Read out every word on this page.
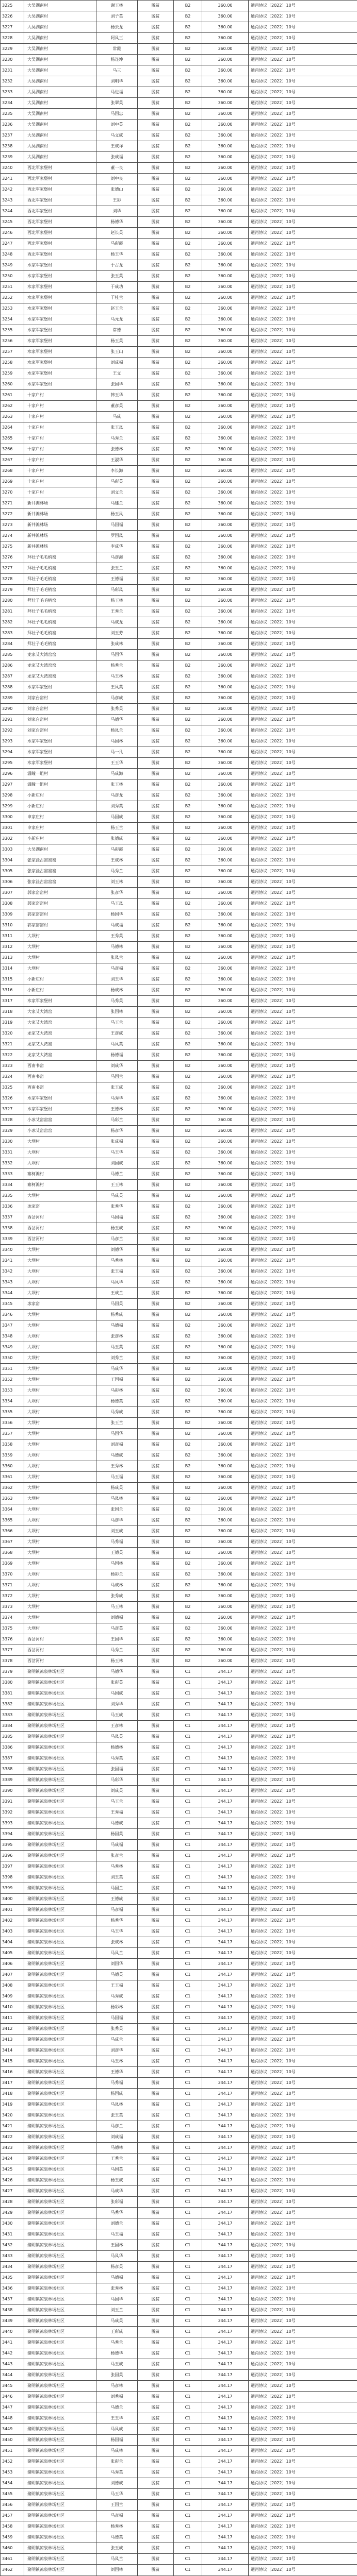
3225	大吴湖南村	谢玉林	脱贫	B2	360.00	通肖协议〔2022〕10号
3226	大吴湖南村	刘子英	脱贫	B2	360.00	通肖协议〔2022〕10号
3227	大吴湖南村	杨云龙	脱贫	B2	360.00	通肖协议〔2022〕10号
3228	大吴湖南村	阿凤三	脱贫	B2	360.00	通肖协议〔2022〕10号
3229	大吴湖南村	常霞	脱贫	B2	360.00	通肖协议〔2022〕10号
3230	大吴湖南村	杨连坤	脱贫	B2	360.00	通肖协议〔2022〕10号
3231	大吴湖南村	马三	脱贫	B2	360.00	通肖协议〔2022〕10号
3232	大吴湖南村	刘明华	脱贫	B2	360.00	通肖协议〔2022〕10号
3233	大吴湖南村	马进福	脱贫	B2	360.00	通肖协议〔2022〕10号
3234	大吴湖南村	张翠英	脱贫	B2	360.00	通肖协议〔2022〕10号
3235	大吴湖南村	马国忠	脱贫	B2	360.00	通肖协议〔2022〕10号
3236	大吴湖南村	刘中英	脱贫	B2	360.00	通肖协议〔2022〕10号
3237	大吴湖南村	马文成	脱贫	B2	360.00	通肖协议〔2022〕10号
3238	大吴湖南村	王成祥	脱贫	B2	360.00	通肖协议〔2022〕10号
3239	大吴湖南村	张成福	脱贫	B2	360.00	通肖协议〔2022〕10号
3240	西北军家堡村	董一良	脱贫	B2	360.00	通肖协议〔2022〕10号
3241	西北军家堡村	刘中良	脱贫	B2	360.00	通肖协议〔2022〕10号
3242	西北军家堡村	张德山	脱贫	B2	360.00	通肖协议〔2022〕10号
3243	西北军家堡村	王彩	脱贫	B2	360.00	通肖协议〔2022〕10号
3244	西北军家堡村	刘华	脱贫	B2	360.00	通肖协议〔2022〕10号
3245	西北军家堡村	杨德华	脱贫	B2	360.00	通肖协议〔2022〕10号
3246	西北军家堡村	赵长英	脱贫	B2	360.00	通肖协议〔2022〕10号
3247	西北军家堡村	马彩霞	脱贫	B2	360.00	通肖协议〔2022〕10号
3248	西北军家堡村	杨玉华	脱贫	B2	360.00	通肖协议〔2022〕10号
3249	水家军家堡村	于占龙	脱贫	B2	360.00	通肖协议〔2022〕10号
3250	水家军家堡村	张玉英	脱贫	B2	360.00	通肖协议〔2022〕10号
3251	水家军家堡村	于成功	脱贫	B2	360.00	通肖协议〔2022〕10号
3252	水家军家堡村	于桂兰	脱贫	B2	360.00	通肖协议〔2022〕10号
3253	水家军家堡村	赵玉兰	脱贫	B2	360.00	通肖协议〔2022〕10号
3254	水家军家堡村	马元龙	脱贫	B2	360.00	通肖协议〔2022〕10号
3255	水家军家堡村	常德	脱贫	B2	360.00	通肖协议〔2022〕10号
3256	水家军家堡村	杨玉英	脱贫	B2	360.00	通肖协议〔2022〕10号
3257	水家军家堡村	张玉山	脱贫	B2	360.00	通肖协议〔2022〕10号
3258	水家军家堡村	刘成福	脱贫	B2	360.00	通肖协议〔2022〕10号
3259	水家军家堡村	王文	脱贫	B2	360.00	通肖协议〔2022〕10号
3260	水家军家堡村	张国华	脱贫	B2	360.00	通肖协议〔2022〕10号
3261	十家户村	韩玉华	脱贫	B2	360.00	通肖协议〔2022〕10号
3262	十家户村	董彦英	脱贫	B2	360.00	通肖协议〔2022〕10号
3263	十家户村	马成	脱贫	B2	360.00	通肖协议〔2022〕10号
3264	十家户村	张玉凤	脱贫	B2	360.00	通肖协议〔2022〕10号
3265	十家户村	马秀兰	脱贫	B2	360.00	通肖协议〔2022〕10号
3266	十家户村	张德林	脱贫	B2	360.00	通肖协议〔2022〕10号
3267	十家户村	王淑华	脱贫	B2	360.00	通肖协议〔2022〕10号
3268	十家户村	李长海	脱贫	B2	360.00	通肖协议〔2022〕10号
3269	十家户村	马彩英	脱贫	B2	360.00	通肖协议〔2022〕10号
3270	十家户村	刘文兰	脱贫	B2	360.00	通肖协议〔2022〕10号
3271	新井滩林场	马建兰	脱贫	B2	360.00	通肖协议〔2022〕10号
3272	新井滩林场	杨玉凤	脱贫	B2	360.00	通肖协议〔2022〕10号
3273	新井滩林场	马国福	脱贫	B2	360.00	通肖协议〔2022〕10号
3274	新井滩林场	罗国凤	脱贫	B2	360.00	通肖协议〔2022〕10号
3275	新井滩林场	李成华	脱贫	B2	360.00	通肖协议〔2022〕10号
3276	拜壮子毛毛梢窑	马彦海	脱贫	B2	360.00	通肖协议〔2022〕10号
3277	拜壮子毛毛梢窑	张玉兰	脱贫	B2	360.00	通肖协议〔2022〕10号
3278	拜壮子毛毛梢窑	王德福	脱贫	B2	360.00	通肖协议〔2022〕10号
3279	拜壮子毛毛梢窑	马彩凤	脱贫	B2	360.00	通肖协议〔2022〕10号
3280	拜壮子毛毛梢窑	杨玉林	脱贫	B2	360.00	通肖协议〔2022〕10号
3281	拜壮子毛毛梢窑	王秀兰	脱贫	B2	360.00	通肖协议〔2022〕10号
3282	拜壮子毛毛梢窑	马成龙	脱贫	B2	360.00	通肖协议〔2022〕10号
3283	拜壮子毛毛梢窑	刘玉芳	脱贫	B2	360.00	通肖协议〔2022〕10号
3284	拜壮子毛毛梢窑	张成林	脱贫	B2	360.00	通肖协议〔2022〕10号
3285	龙家艾大湾窑窑	马国华	脱贫	B2	360.00	通肖协议〔2022〕10号
3286	龙家艾大湾窑窑	杨秀兰	脱贫	B2	360.00	通肖协议〔2022〕10号
3287	龙家艾大湾窑窑	马玉林	脱贫	B2	360.00	通肖协议〔2022〕10号
3288	水家军家堡村	王凤英	脱贫	B2	360.00	通肖协议〔2022〕10号
3289	刘家台窑村	马彦成	脱贫	B2	360.00	通肖协议〔2022〕10号
3290	刘家台窑村	张秀英	脱贫	B2	360.00	通肖协议〔2022〕10号
3291	刘家台窑村	马德华	脱贫	B2	360.00	通肖协议〔2022〕10号
3292	刘家台窑村	杨凤兰	脱贫	B2	360.00	通肖协议〔2022〕10号
3293	水家军家堡村	马国林	脱贫	B2	360.00	通肖协议〔2022〕10号
3294	水家军家堡村	马一凡	脱贫	B2	360.00	通肖协议〔2022〕10号
3295	水家军家堡村	王玉华	脱贫	B2	360.00	通肖协议〔2022〕10号
3296	温疃一组村	马成海	脱贫	B2	360.00	通肖协议〔2022〕10号
3297	温疃一组村	张玉林	脱贫	B2	360.00	通肖协议〔2022〕10号
3298	小新庄村	马彦龙	脱贫	B2	360.00	通肖协议〔2022〕10号
3299	小新庄村	刘秀英	脱贫	B2	360.00	通肖协议〔2022〕10号
3300	申家庄村	马国成	脱贫	B2	360.00	通肖协议〔2022〕10号
3301	申家庄村	杨玉兰	脱贫	B2	360.00	通肖协议〔2022〕10号
3302	小新庄村	张德成	脱贫	B2	360.00	通肖协议〔2022〕10号
3303	大吴湖南村	马彩霞	脱贫	B2	360.00	通肖协议〔2022〕10号
3304	张家洼古窑窑窑	王成林	脱贫	B2	360.00	通肖协议〔2022〕10号
3305	张家洼古窑窑窑	马秀兰	脱贫	B2	360.00	通肖协议〔2022〕10号
3306	张家洼古窑窑窑	刘玉林	脱贫	B2	360.00	通肖协议〔2022〕10号
3307	郭家窑窑村	张彦华	脱贫	B2	360.00	通肖协议〔2022〕10号
3308	郭家窑窑村	马玉凤	脱贫	B2	360.00	通肖协议〔2022〕10号
3309	郭家窑窑村	杨国华	脱贫	B2	360.00	通肖协议〔2022〕10号
3310	郭家窑窑村	马成福	脱贫	B2	360.00	通肖协议〔2022〕10号
3311	大坝村	王秀英	脱贫	B2	360.00	通肖协议〔2022〕10号
3312	大坝村	马德林	脱贫	B2	360.00	通肖协议〔2022〕10号
3313	大坝村	张凤兰	脱贫	B2	360.00	通肖协议〔2022〕10号
3314	大坝村	马彦福	脱贫	B2	360.00	通肖协议〔2022〕10号
3315	小新庄村	刘玉华	脱贫	B2	360.00	通肖协议〔2022〕10号
3316	小新庄村	杨成林	脱贫	B2	360.00	通肖协议〔2022〕10号
3317	水家军家堡村	马秀英	脱贫	B2	360.00	通肖协议〔2022〕10号
3318	大家艾大湾窑	张国林	脱贫	B2	360.00	通肖协议〔2022〕10号
3319	大家艾大湾窑	马玉兰	脱贫	B2	360.00	通肖协议〔2022〕10号
3320	龙家艾大湾窑	王彦成	脱贫	B2	360.00	通肖协议〔2022〕10号
3321	龙家艾大湾窑	马凤英	脱贫	B2	360.00	通肖协议〔2022〕10号
3322	龙家艾大湾窑	杨德福	脱贫	B2	360.00	通肖协议〔2022〕10号
3323	西南书窑	刘成华	脱贫	B2	360.00	通肖协议〔2022〕10号
3324	西南书窑	马国兰	脱贫	B2	360.00	通肖协议〔2022〕10号
3325	西南书窑	张玉成	脱贫	B2	360.00	通肖协议〔2022〕10号
3326	水家军家堡村	马秀华	脱贫	B2	360.00	通肖协议〔2022〕10号
3327	水家军家堡村	王德林	脱贫	B2	360.00	通肖协议〔2022〕10号
3328	小冰艾窑窑窑	马彩兰	脱贫	B2	360.00	通肖协议〔2022〕10号
3329	小冰艾窑窑窑	杨彦华	脱贫	B2	360.00	通肖协议〔2022〕10号
3330	大坝村	张成福	脱贫	B2	360.00	通肖协议〔2022〕10号
3331	大坝村	马玉华	脱贫	B2	360.00	通肖协议〔2022〕10号
3332	大坝村	刘国成	脱贫	B2	360.00	通肖协议〔2022〕10号
3333	寨柯滩村	马德兰	脱贫	B2	360.00	通肖协议〔2022〕10号
3334	寨柯滩村	王玉林	脱贫	B2	360.00	通肖协议〔2022〕10号
3335	大坝村	马成英	脱贫	B2	360.00	通肖协议〔2022〕10号
3336	冰家窑	张秀华	脱贫	B2	360.00	通肖协议〔2022〕10号
3337	西岔河村	马国福	脱贫	B2	360.00	通肖协议〔2022〕10号
3338	西岔河村	杨玉成	脱贫	B2	360.00	通肖协议〔2022〕10号
3339	西岔河村	马彦兰	脱贫	B2	360.00	通肖协议〔2022〕10号
3340	大坝村	刘德华	脱贫	B2	360.00	通肖协议〔2022〕10号
3341	大坝村	马秀林	脱贫	B2	360.00	通肖协议〔2022〕10号
3342	大坝村	张玉福	脱贫	B2	360.00	通肖协议〔2022〕10号
3343	大坝村	马凤华	脱贫	B2	360.00	通肖协议〔2022〕10号
3344	大坝村	王成兰	脱贫	B2	360.00	通肖协议〔2022〕10号
3345	冰家窑	马国英	脱贫	B2	360.00	通肖协议〔2022〕10号
3346	大坝村	杨秀成	脱贫	B2	360.00	通肖协议〔2022〕10号
3347	大坝村	马德福	脱贫	B2	360.00	通肖协议〔2022〕10号
3348	大坝村	张彦林	脱贫	B2	360.00	通肖协议〔2022〕10号
3349	大坝村	马玉英	脱贫	B2	360.00	通肖协议〔2022〕10号
3350	大坝村	刘秀兰	脱贫	B2	360.00	通肖协议〔2022〕10号
3351	大坝村	马成华	脱贫	B2	360.00	通肖协议〔2022〕10号
3352	大坝村	王国福	脱贫	B2	360.00	通肖协议〔2022〕10号
3353	大坝村	马彩林	脱贫	B2	360.00	通肖协议〔2022〕10号
3354	大坝村	杨德英	脱贫	B2	360.00	通肖协议〔2022〕10号
3355	大坝村	马秀成	脱贫	B2	360.00	通肖协议〔2022〕10号
3356	大坝村	张玉兰	脱贫	B2	360.00	通肖协议〔2022〕10号
3357	大坝村	马国华	脱贫	B2	360.00	通肖协议〔2022〕10号
3358	大坝村	刘彦福	脱贫	B2	360.00	通肖协议〔2022〕10号
3359	大坝村	马德成	脱贫	B2	360.00	通肖协议〔2022〕10号
3360	大坝村	王秀林	脱贫	B2	360.00	通肖协议〔2022〕10号
3361	大坝村	马玉福	脱贫	B2	360.00	通肖协议〔2022〕10号
3362	大坝村	杨成英	脱贫	B2	360.00	通肖协议〔2022〕10号
3363	大坝村	马凤林	脱贫	B2	360.00	通肖协议〔2022〕10号
3364	大坝村	张国兰	脱贫	B2	360.00	通肖协议〔2022〕10号
3365	大坝村	马彦华	脱贫	B2	360.00	通肖协议〔2022〕10号
3366	大坝村	刘玉成	脱贫	B2	360.00	通肖协议〔2022〕10号
3367	大坝村	马秀福	脱贫	B2	360.00	通肖协议〔2022〕10号
3368	大坝村	王德英	脱贫	B2	360.00	通肖协议〔2022〕10号
3369	大坝村	马国林	脱贫	B2	360.00	通肖协议〔2022〕10号
3370	大坝村	杨彩兰	脱贫	B2	360.00	通肖协议〔2022〕10号
3371	大坝村	马成林	脱贫	B2	360.00	通肖协议〔2022〕10号
3372	大坝村	张秀成	脱贫	B2	360.00	通肖协议〔2022〕10号
3373	大坝村	马玉林	脱贫	B2	360.00	通肖协议〔2022〕10号
3374	大坝村	刘德福	脱贫	B2	360.00	通肖协议〔2022〕10号
3375	大坝村	马彦英	脱贫	B2	360.00	通肖协议〔2022〕10号
3376	西岔河村	王国华	脱贫	B2	360.00	通肖协议〔2022〕10号
3377	西岔河村	马秀兰	脱贫	B2	360.00	通肖协议〔2022〕10号
3378	西岔河村	杨玉林	脱贫	B2	360.00	通肖协议〔2022〕10号
3379	聚明镇凉泉林场社区	马德华	脱贫	C1	344.17	通肖协议〔2022〕10号
3380	聚明镇凉泉林场社区	张彩英	脱贫	C1	344.17	通肖协议〔2022〕10号
3381	聚明镇凉泉林场社区	马国成	脱贫	C1	344.17	通肖协议〔2022〕10号
3382	聚明镇凉泉林场社区	刘秀华	脱贫	C1	344.17	通肖协议〔2022〕10号
3383	聚明镇凉泉林场社区	马玉成	脱贫	C1	344.17	通肖协议〔2022〕10号
3384	聚明镇凉泉林场社区	王彦林	脱贫	C1	344.17	通肖协议〔2022〕10号
3385	聚明镇凉泉林场社区	马凤英	脱贫	C1	344.17	通肖协议〔2022〕10号
3386	聚明镇凉泉林场社区	杨德林	脱贫	C1	344.17	通肖协议〔2022〕10号
3387	聚明镇凉泉林场社区	马秀英	脱贫	C1	344.17	通肖协议〔2022〕10号
3388	聚明镇凉泉林场社区	张国福	脱贫	C1	344.17	通肖协议〔2022〕10号
3389	聚明镇凉泉林场社区	马彩华	脱贫	C1	344.17	通肖协议〔2022〕10号
3390	聚明镇凉泉林场社区	刘成英	脱贫	C1	344.17	通肖协议〔2022〕10号
3391	聚明镇凉泉林场社区	马玉兰	脱贫	C1	344.17	通肖协议〔2022〕10号
3392	聚明镇凉泉林场社区	王秀福	脱贫	C1	344.17	通肖协议〔2022〕10号
3393	聚明镇凉泉林场社区	马德成	脱贫	C1	344.17	通肖协议〔2022〕10号
3394	聚明镇凉泉林场社区	杨国英	脱贫	C1	344.17	通肖协议〔2022〕10号
3395	聚明镇凉泉林场社区	马成福	脱贫	C1	344.17	通肖协议〔2022〕10号
3396	聚明镇凉泉林场社区	张彦兰	脱贫	C1	344.17	通肖协议〔2022〕10号
3397	聚明镇凉泉林场社区	马秀林	脱贫	C1	344.17	通肖协议〔2022〕10号
3398	聚明镇凉泉林场社区	刘玉英	脱贫	C1	344.17	通肖协议〔2022〕10号
3399	聚明镇凉泉林场社区	马国兰	脱贫	C1	344.17	通肖协议〔2022〕10号
3400	聚明镇凉泉林场社区	王德成	脱贫	C1	344.17	通肖协议〔2022〕10号
3401	聚明镇凉泉林场社区	马彦福	脱贫	C1	344.17	通肖协议〔2022〕10号
3402	聚明镇凉泉林场社区	杨秀华	脱贫	C1	344.17	通肖协议〔2022〕10号
3403	聚明镇凉泉林场社区	马玉华	脱贫	C1	344.17	通肖协议〔2022〕10号
3404	聚明镇凉泉林场社区	张成林	脱贫	C1	344.17	通肖协议〔2022〕10号
3405	聚明镇凉泉林场社区	马凤兰	脱贫	C1	344.17	通肖协议〔2022〕10号
3406	聚明镇凉泉林场社区	刘国华	脱贫	C1	344.17	通肖协议〔2022〕10号
3407	聚明镇凉泉林场社区	马德英	脱贫	C1	344.17	通肖协议〔2022〕10号
3408	聚明镇凉泉林场社区	王玉福	脱贫	C1	344.17	通肖协议〔2022〕10号
3409	聚明镇凉泉林场社区	马秀成	脱贫	C1	344.17	通肖协议〔2022〕10号
3410	聚明镇凉泉林场社区	杨彩林	脱贫	C1	344.17	通肖协议〔2022〕10号
3411	聚明镇凉泉林场社区	马国福	脱贫	C1	344.17	通肖协议〔2022〕10号
3412	聚明镇凉泉林场社区	张秀英	脱贫	C1	344.17	通肖协议〔2022〕10号
3413	聚明镇凉泉林场社区	马成兰	脱贫	C1	344.17	通肖协议〔2022〕10号
3414	聚明镇凉泉林场社区	刘彦华	脱贫	C1	344.17	通肖协议〔2022〕10号
3415	聚明镇凉泉林场社区	马玉林	脱贫	C1	344.17	通肖协议〔2022〕10号
3416	聚明镇凉泉林场社区	王德华	脱贫	C1	344.17	通肖协议〔2022〕10号
3417	聚明镇凉泉林场社区	马秀福	脱贫	C1	344.17	通肖协议〔2022〕10号
3418	聚明镇凉泉林场社区	杨国成	脱贫	C1	344.17	通肖协议〔2022〕10号
3419	聚明镇凉泉林场社区	马凤林	脱贫	C1	344.17	通肖协议〔2022〕10号
3420	聚明镇凉泉林场社区	张玉英	脱贫	C1	344.17	通肖协议〔2022〕10号
3421	聚明镇凉泉林场社区	马彦兰	脱贫	C1	344.17	通肖协议〔2022〕10号
3422	聚明镇凉泉林场社区	刘成福	脱贫	C1	344.17	通肖协议〔2022〕10号
3423	聚明镇凉泉林场社区	马德林	脱贫	C1	344.17	通肖协议〔2022〕10号
3424	聚明镇凉泉林场社区	王秀兰	脱贫	C1	344.17	通肖协议〔2022〕10号
3425	聚明镇凉泉林场社区	马国英	脱贫	C1	344.17	通肖协议〔2022〕10号
3426	聚明镇凉泉林场社区	杨玉成	脱贫	C1	344.17	通肖协议〔2022〕10号
3427	聚明镇凉泉林场社区	马成华	脱贫	C1	344.17	通肖协议〔2022〕10号
3428	聚明镇凉泉林场社区	张彩福	脱贫	C1	344.17	通肖协议〔2022〕10号
3429	聚明镇凉泉林场社区	马秀华	脱贫	C1	344.17	通肖协议〔2022〕10号
3430	聚明镇凉泉林场社区	刘德兰	脱贫	C1	344.17	通肖协议〔2022〕10号
3431	聚明镇凉泉林场社区	马玉福	脱贫	C1	344.17	通肖协议〔2022〕10号
3432	聚明镇凉泉林场社区	王国林	脱贫	C1	344.17	通肖协议〔2022〕10号
3433	聚明镇凉泉林场社区	马凤华	脱贫	C1	344.17	通肖协议〔2022〕10号
3434	聚明镇凉泉林场社区	杨彦英	脱贫	C1	344.17	通肖协议〔2022〕10号
3435	聚明镇凉泉林场社区	马德福	脱贫	C1	344.17	通肖协议〔2022〕10号
3436	聚明镇凉泉林场社区	张秀林	脱贫	C1	344.17	通肖协议〔2022〕10号
3437	聚明镇凉泉林场社区	马国华	脱贫	C1	344.17	通肖协议〔2022〕10号
3438	聚明镇凉泉林场社区	刘玉兰	脱贫	C1	344.17	通肖协议〔2022〕10号
3439	聚明镇凉泉林场社区	马成英	脱贫	C1	344.17	通肖协议〔2022〕10号
3440	聚明镇凉泉林场社区	王彩成	脱贫	C1	344.17	通肖协议〔2022〕10号
3441	聚明镇凉泉林场社区	马秀兰	脱贫	C1	344.17	通肖协议〔2022〕10号
3442	聚明镇凉泉林场社区	杨德华	脱贫	C1	344.17	通肖协议〔2022〕10号
3443	聚明镇凉泉林场社区	马玉成	脱贫	C1	344.17	通肖协议〔2022〕10号
3444	聚明镇凉泉林场社区	张国英	脱贫	C1	344.17	通肖协议〔2022〕10号
3445	聚明镇凉泉林场社区	马彦林	脱贫	C1	344.17	通肖协议〔2022〕10号
3446	聚明镇凉泉林场社区	刘秀福	脱贫	C1	344.17	通肖协议〔2022〕10号
3447	聚明镇凉泉林场社区	马德兰	脱贫	C1	344.17	通肖协议〔2022〕10号
3448	聚明镇凉泉林场社区	王玉华	脱贫	C1	344.17	通肖协议〔2022〕10号
3449	聚明镇凉泉林场社区	马凤成	脱贫	C1	344.17	通肖协议〔2022〕10号
3450	聚明镇凉泉林场社区	杨国福	脱贫	C1	344.17	通肖协议〔2022〕10号
3451	聚明镇凉泉林场社区	马成林	脱贫	C1	344.17	通肖协议〔2022〕10号
3452	聚明镇凉泉林场社区	张彩兰	脱贫	C1	344.17	通肖协议〔2022〕10号
3453	聚明镇凉泉林场社区	马秀英	脱贫	C1	344.17	通肖协议〔2022〕10号
3454	聚明镇凉泉林场社区	刘德成	脱贫	C1	344.17	通肖协议〔2022〕10号
3455	聚明镇凉泉林场社区	马玉华	脱贫	C1	344.17	通肖协议〔2022〕10号
3456	聚明镇凉泉林场社区	王国兰	脱贫	C1	344.17	通肖协议〔2022〕10号
3457	聚明镇凉泉林场社区	马彦福	脱贫	C1	344.17	通肖协议〔2022〕10号
3458	聚明镇凉泉林场社区	杨秀林	脱贫	C1	344.17	通肖协议〔2022〕10号
3459	聚明镇凉泉林场社区	马德英	脱贫	C1	344.17	通肖协议〔2022〕10号
3460	聚明镇凉泉林场社区	张玉成	脱贫	C1	344.17	通肖协议〔2022〕10号
3461	聚明镇凉泉林场社区	马凤兰	脱贫	C1	344.17	通肖协议〔2022〕10号
3462	聚明镇凉泉林场社区	刘国林	脱贫	C1	344.17	通肖协议〔2022〕10号
